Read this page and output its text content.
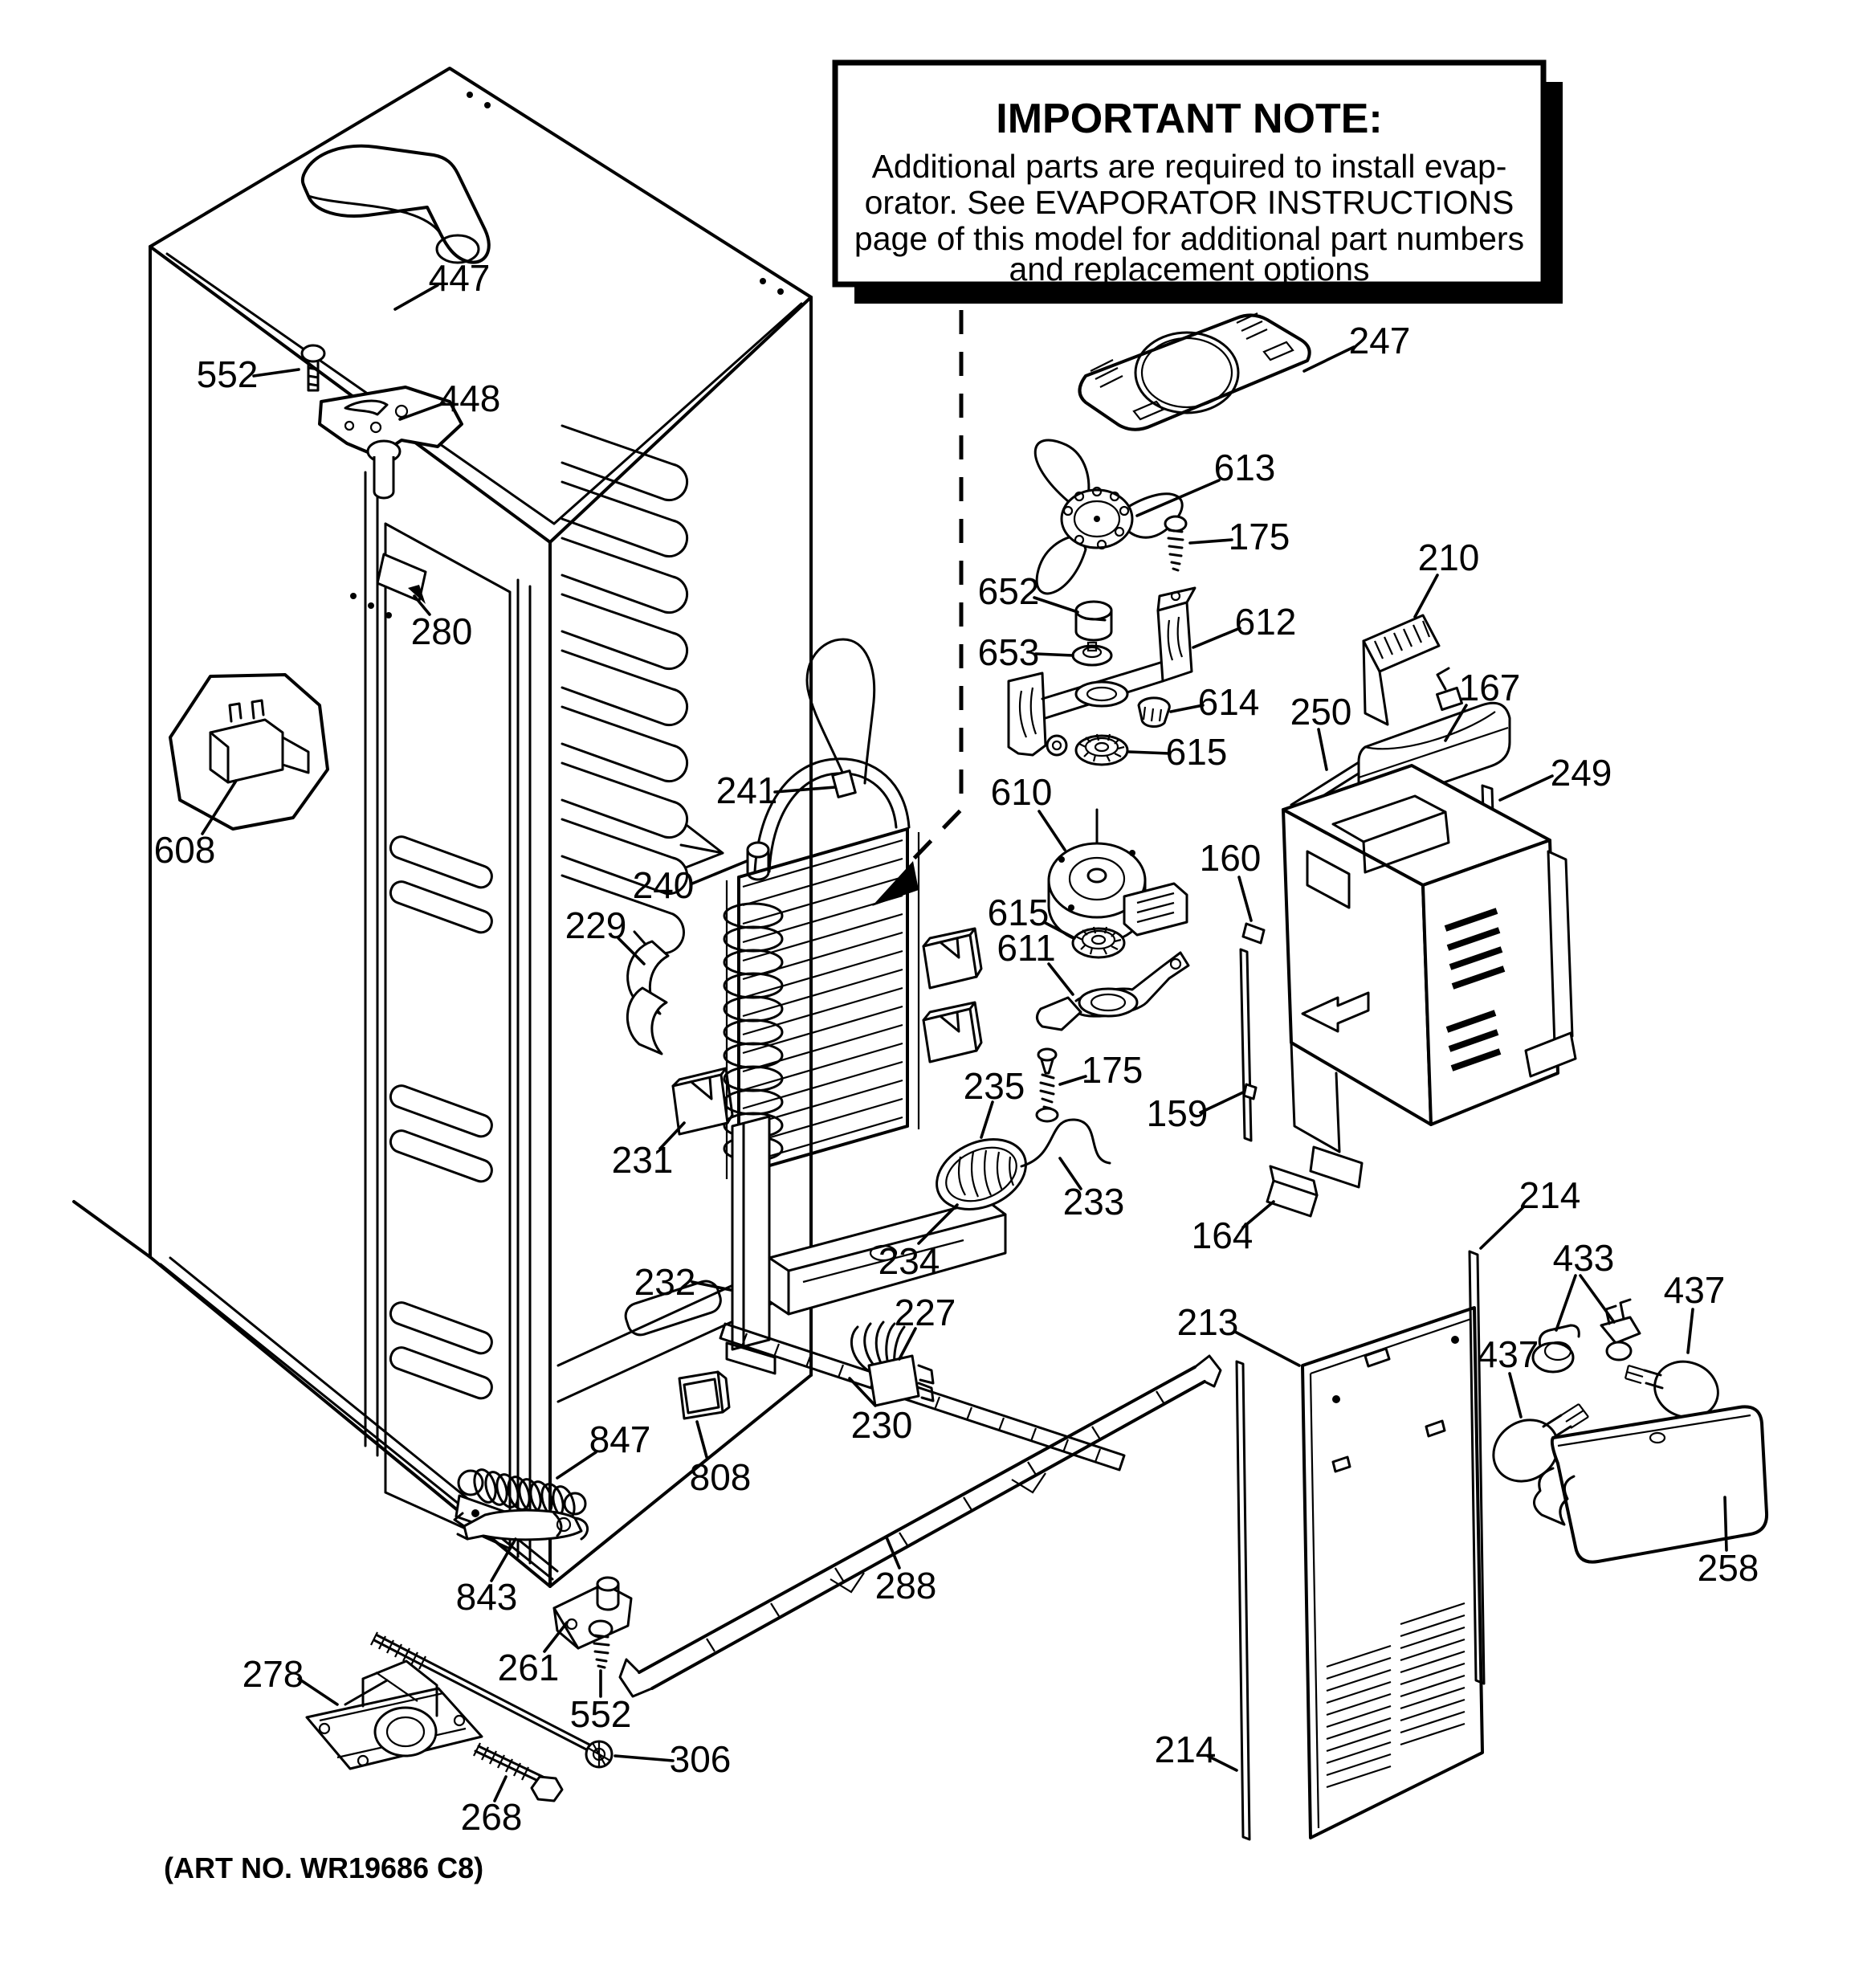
IMPORTANT NOTE:
Additional parts are required to install evap-
orator. See EVAPORATOR INSTRUCTIONS
page of this model for additional part numbers
and replacement options
447
552
448
280
608
241
240
229
231
232
230
808
847
843
261
552
278
306
268
288
227
234
235
233
175
247
613
175
652
653
612
614
615
610
615
611
210
250
167
249
160
159
164
213
214
214
433
437
437
258
(ART NO. WR19686 C8)
